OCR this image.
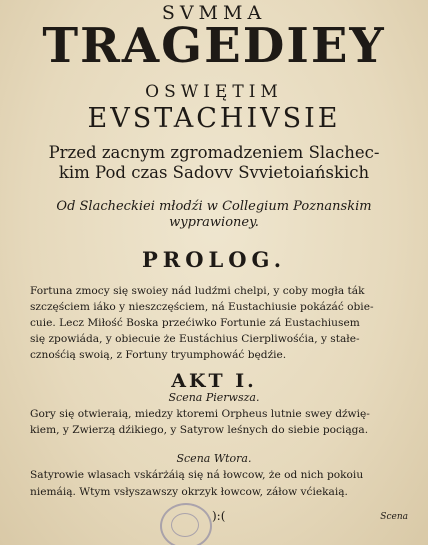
SVMMA
TRAGEDIEY
OSWIĘTIM
EVSTACHIVSIE
Przed zacnym zgromadzeniem Slachec-
kim Pod czas Sadovv Svvietoiańskich
Od Slacheckiei młodźi w Collegium Poznanskim
wyprawioney.
PROLOG.
Fortuna zmocy się swoiey nád ludźmi chelpi, y coby mogła ták
szczęściem iáko y nieszczęściem, ná Eustachiusie pokázáć obie-
cuie. Lecz Miłość Boska przećiwko Fortunie zá Eustachiusem
się zpowiáda, y obiecuie że Eustáchius Cierpliwośćia, y stałe-
cznośćią swoią, z Fortuny tryumphowáć będźie.
AKT I.
Scena Pierwsza.
Gory się otwieraią, miedzy ktoremi Orpheus lutnie swey dźwię-
kiem, y Zwierzą dźikiego, y Satyrow leśnych do siebie pociąga.
Scena Wtora.
Satyrowie wlasach vskárżáią się ná łowcow, że od nich pokoiu
niemáią. Wtym vsłyszawszy okrzyk łowcow, záłow vćiekaią.
):(	Scena
